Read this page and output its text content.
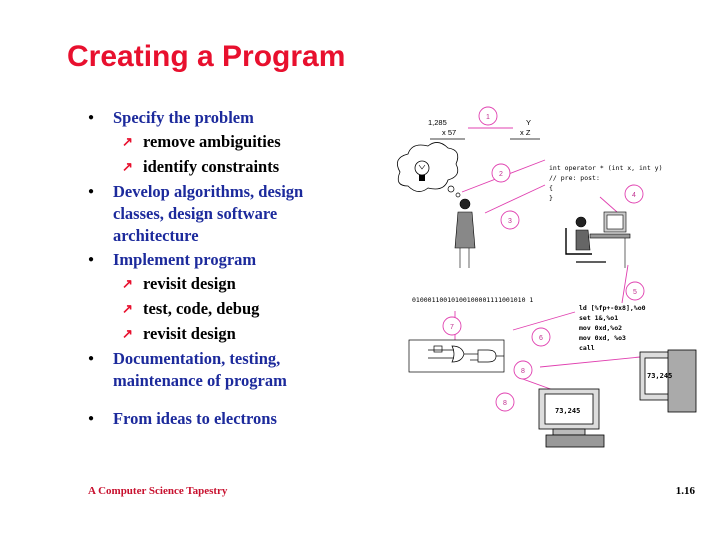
Creating a Program
● Specify the problem
↗ remove ambiguities
↗ identify constraints
● Develop algorithms, design classes, design software architecture
● Implement program
↗ revisit design
↗ test, code, debug
↗ revisit design
● Documentation, testing, maintenance of program
● From ideas to electrons
1,285
x 57
Y
x Z
1
2
3
4
5
6
7
8
8
int operator * (int x, int y)
// pre: post:
{
}
01000110010100100001111001010 1
ld [%fp+-0x8],%o0
set 1&,%o1
mov 0xd,%o2
mov 0xd, %o3
call
73,245
73,245
A Computer Science Tapestry	1.16
